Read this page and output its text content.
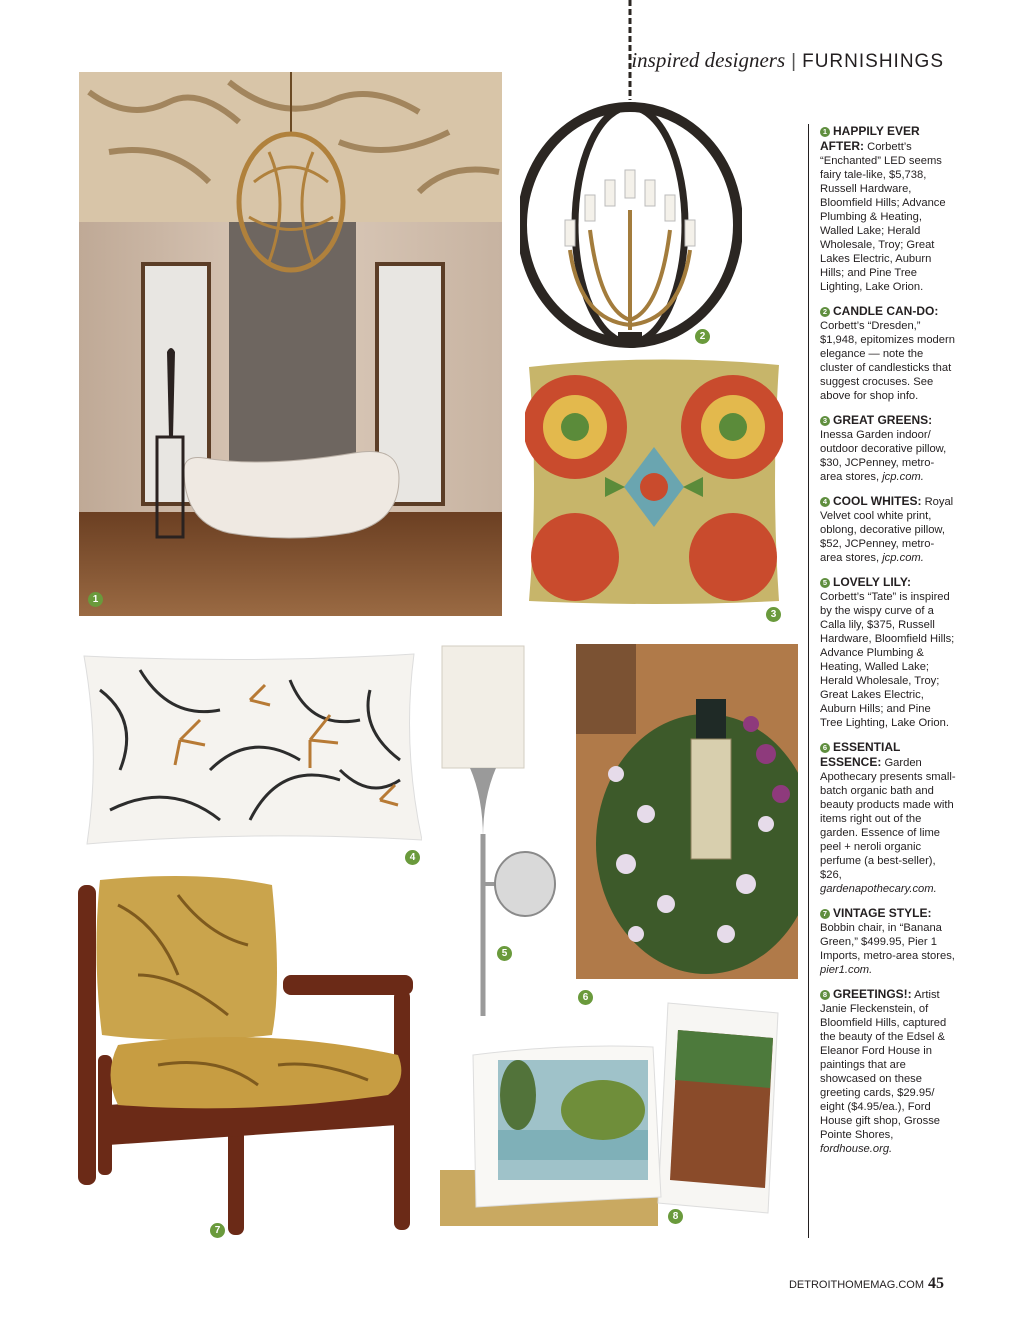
inspired designers | FURNISHINGS
1
2
3
4
5
6
7
8
1 HAPPILY EVER AFTER: Corbett’s “Enchanted” LED seems fairy tale-like, $5,738, Russell Hardware, Bloomfield Hills; Advance Plumbing & Heating, Walled Lake; Herald Wholesale, Troy; Great Lakes Electric, Auburn Hills; and Pine Tree Lighting, Lake Orion.
2 CANDLE CAN-DO: Corbett’s “Dresden,” $1,948, epitomizes modern elegance — note the cluster of candlesticks that suggest crocuses. See above for shop info.
3 GREAT GREENS: Inessa Garden indoor/ outdoor decorative pillow, $30, JCPenney, metro-area stores, jcp.com.
4 COOL WHITES: Royal Velvet cool white print, oblong, decorative pillow, $52, JCPenney, metro-area stores, jcp.com.
5 LOVELY LILY: Corbett’s “Tate” is inspired by the wispy curve of a Calla lily, $375, Russell Hardware, Bloomfield Hills; Advance Plumbing & Heating, Walled Lake; Herald Wholesale, Troy; Great Lakes Electric, Auburn Hills; and Pine Tree Lighting, Lake Orion.
6 ESSENTIAL ESSENCE: Garden Apothecary presents small-batch organic bath and beauty products made with items right out of the garden. Essence of lime peel + neroli organic perfume (a best-seller), $26, gardenapothecary.com.
7 VINTAGE STYLE: Bobbin chair, in “Banana Green,” $499.95, Pier 1 Imports, metro-area stores, pier1.com.
8 GREETINGS!: Artist Janie Fleckenstein, of Bloomfield Hills, captured the beauty of the Edsel & Eleanor Ford House in paintings that are showcased on these greeting cards, $29.95/ eight ($4.95/ea.), Ford House gift shop, Grosse Pointe Shores, fordhouse.org.
DETROITHOMEMAG.COM 45
